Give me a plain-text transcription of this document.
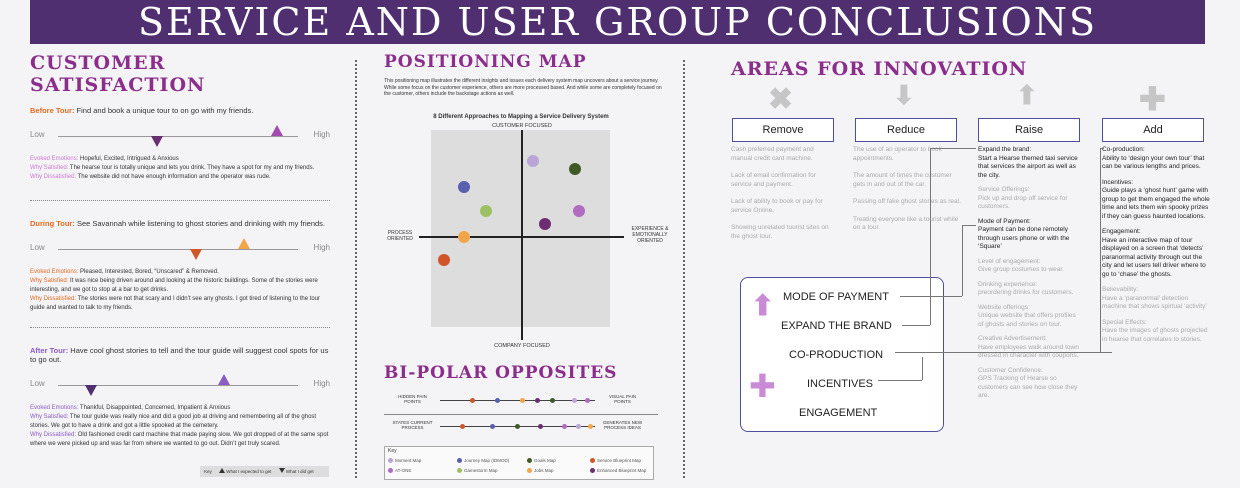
SERVICE AND USER GROUP CONCLUSIONS
CUSTOMER SATISFACTION

Before Tour: Find and book a unique tour to on go with my friends.

Low	High

Evoked Emotions: Hopeful, Excited, Intrigued & Anxious

Why Satisfied: The hearse tour is totally unique and lets you drink. They have a spot for my and my friends.

Why Dissatisfied: The website did not have enough information and the operator was rude.

During Tour: See Savannah while listening to ghost stories and drinking with my friends.

Low	High

Evoked Emotions: Pleased, Interested, Bored, “Unscared” & Removed.

Why Satisfied: It was nice being driven around and looking at the historic buildings. Some of the stories were interesting, and we got to stop at a bar to get drinks.

Why Dissatisfied: The stories were not that scary and I didn’t see any ghosts. I got tired of listening to the tour guide and wanted to talk to my friends.

After Tour: Have cool ghost stories to tell and the tour guide will suggest cool spots for us to go out.

Low	High

Evoked Emotions: Thankful, Disappointed, Concerned, Impatient & Anxious

Why Satisfied: The tour guide was really nice and did a good job at driving and remembering all of the ghost stories. We got to have a drink and got a little spooked at the cemetery.

Why Dissatisfied: Old fashioned credit card machine that made paying slow. We got dropped of at the same spot where we were picked up and was far from where we wanted to go out. Didn’t get truly scared.

Key	What I expected to get	What I did get
POSITIONING MAP

This positioning map illustrates the different insights and issues each delivery system map uncovers about a service journey. While some focus on the customer experience, others are more processed based. And while some are completely focused on the customer, others include the backstage actions as well.

8 Different Approaches to Mapping a Service Delivery System
CUSTOMER FOCUSED
PROCESS ORIENTED
EXPERIENCE & EMOTIONALLY ORIENTED
COMPANY FOCUSED
BI-POLAR OPPOSITES
HIDDEN PAIN POINTS
VISUAL PAIN POINTS
STATES CURRENT PROCESS
GENERATES NEW PROCESS IDEAS
Key
Moment Map	Journey Map (IDMOD)	Goals Map	Service Blueprint Map
AT-ONE	Gamestorm Map	Jobs Map	Enhanced Blueprint Map
AREAS FOR INNOVATION
✖	⬇	⬆	✚
Remove	Reduce	Raise	Add

Cash preferred payment and manual credit card machine.

Lack of email confirmation for service and payment.

Lack of ability to book or pay for service Online.

Showing unrelated tourist sites on the ghost tour.

The use of an operator to book appointments.

The amount of times the customer gets in and out of the car.

Passing off fake ghost stories as real.

Treating everyone like a tourist while on a tour.

Expand the brand:
Start a Hearse themed taxi service that services the airport as well as the city.

Service Offerings:
Pick up and drop off service for customers.

Mode of Payment:
Payment can be done remotely through users phone or with the ‘Square’

Level of engagement:
Give group costumes to wear.

Drinking experience:
preordering drinks for customers.

Website offerings:
Unique website that offers profiles of ghosts and stories on tour.

Creative Advertisement:
Have employees walk around town dressed in character with coupons.

Customer Confidence:
GPS Tracking of Hearse so customers can see how close they are.

Co-production:
Ability to ‘design your own tour’ that can be various lengths and prices.

Incentives:
Guide plays a ‘ghost hunt’ game with group to get them engaged the whole time and lets them win spooky prizes if they can guess haunted locations.

Engagement:
Have an interactive map of tour displayed on a screen that ‘detects’ paranormal activity through out the city and let users tell driver where to go to ‘chase’ the ghosts.

Believability:
Have a ‘paranormal’ detection machine that shows spirtual ‘activity’

Special Effects:
Have the images of ghosts projected in hearse that correlates to stories.

⬆
✚
MODE OF PAYMENT
EXPAND THE BRAND
CO-PRODUCTION
INCENTIVES
ENGAGEMENT
